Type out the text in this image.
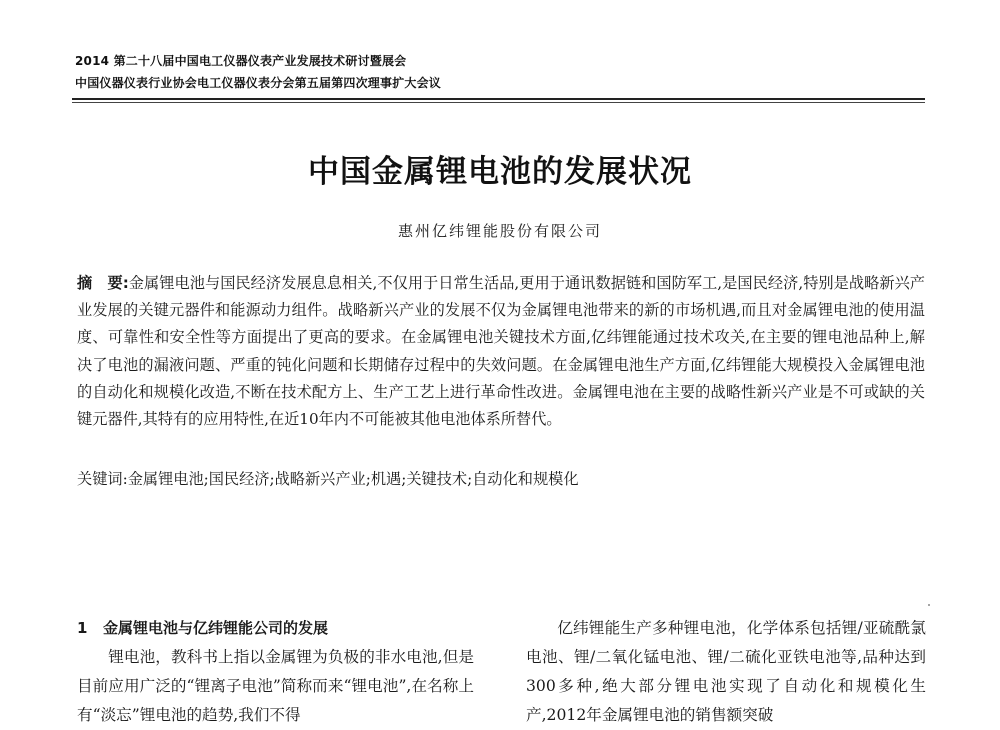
2014 第二十八届中国电工仪器仪表产业发展技术研讨暨展会
中国仪器仪表行业协会电工仪器仪表分会第五届第四次理事扩大会议
中国金属锂电池的发展状况
惠州亿纬锂能股份有限公司
摘　要:金属锂电池与国民经济发展息息相关,不仅用于日常生活品,更用于通讯数据链和国防军工,是国民经济,特别是战略新兴产业发展的关键元器件和能源动力组件。战略新兴产业的发展不仅为金属锂电池带来的新的市场机遇,而且对金属锂电池的使用温度、可靠性和安全性等方面提出了更高的要求。在金属锂电池关键技术方面,亿纬锂能通过技术攻关,在主要的锂电池品种上,解决了电池的漏液问题、严重的钝化问题和长期储存过程中的失效问题。在金属锂电池生产方面,亿纬锂能大规模投入金属锂电池的自动化和规模化改造,不断在技术配方上、生产工艺上进行革命性改进。金属锂电池在主要的战略性新兴产业是不可或缺的关键元器件,其特有的应用特性,在近10年内不可能被其他电池体系所替代。
关键词:金属锂电池;国民经济;战略新兴产业;机遇;关键技术;自动化和规模化
1 金属锂电池与亿纬锂能公司的发展
锂电池，教科书上指以金属锂为负极的非水电池,但是目前应用广泛的“锂离子电池”简称而来“锂电池”,在名称上有“淡忘”锂电池的趋势,我们不得
亿纬锂能生产多种锂电池，化学体系包括锂/亚硫酰氯电池、锂/二氧化锰电池、锂/二硫化亚铁电池等,品种达到300多种,绝大部分锂电池实现了自动化和规模化生产,2012年金属锂电池的销售额突破
